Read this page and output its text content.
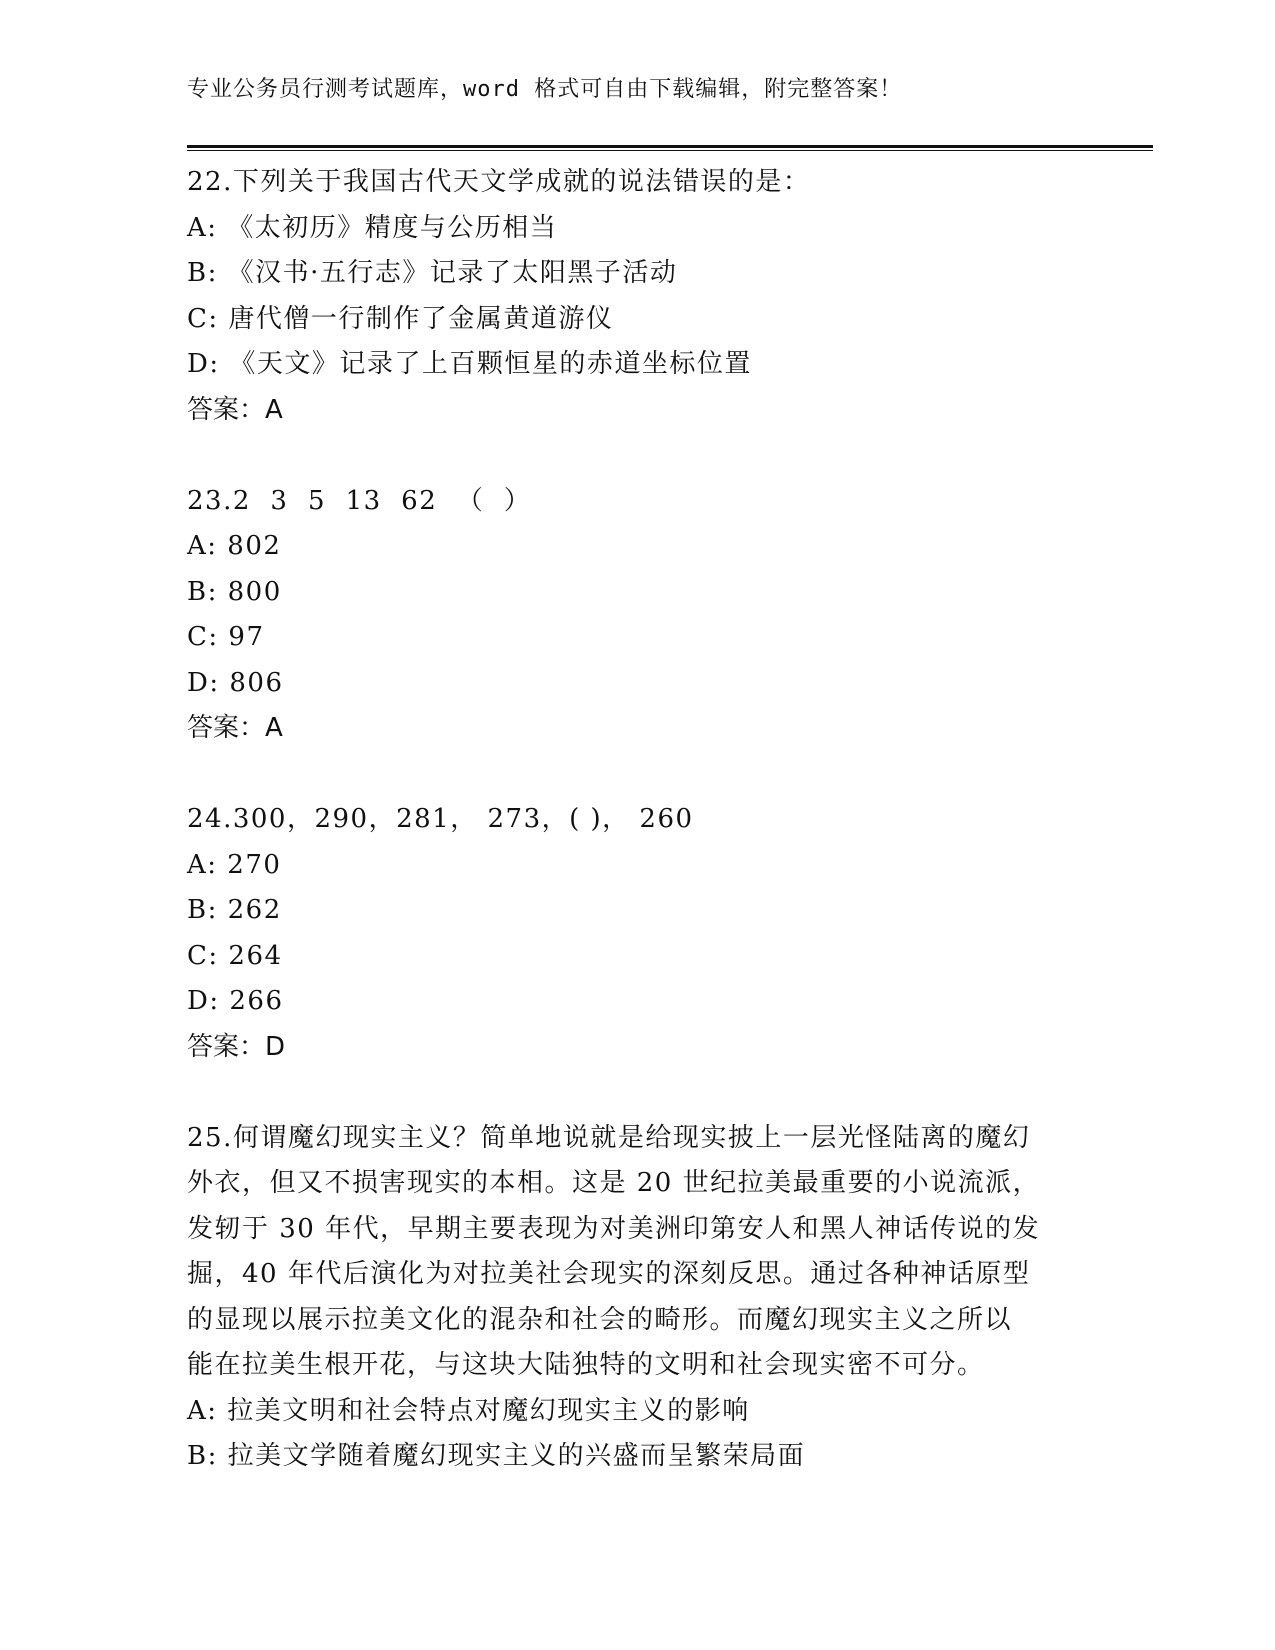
专业公务员行测考试题库，word 格式可自由下载编辑，附完整答案！
22.下列关于我国古代天文学成就的说法错误的是：
A: 《太初历》精度与公历相当
B: 《汉书·五行志》记录了太阳黑子活动
C: 唐代僧一行制作了金属黄道游仪
D: 《天文》记录了上百颗恒星的赤道坐标位置
答案：A
23.2  3  5  13  62  （  ）
A: 802
B: 800
C: 97
D: 806
答案：A
24.300，290，281， 273，( )， 260
A: 270
B: 262
C: 264
D: 266
答案：D
25.何谓魔幻现实主义？简单地说就是给现实披上一层光怪陆离的魔幻
外衣，但又不损害现实的本相。这是 20 世纪拉美最重要的小说流派，
发轫于 30 年代，早期主要表现为对美洲印第安人和黑人神话传说的发
掘，40 年代后演化为对拉美社会现实的深刻反思。通过各种神话原型
的显现以展示拉美文化的混杂和社会的畸形。而魔幻现实主义之所以
能在拉美生根开花，与这块大陆独特的文明和社会现实密不可分。
A: 拉美文明和社会特点对魔幻现实主义的影响
B: 拉美文学随着魔幻现实主义的兴盛而呈繁荣局面
